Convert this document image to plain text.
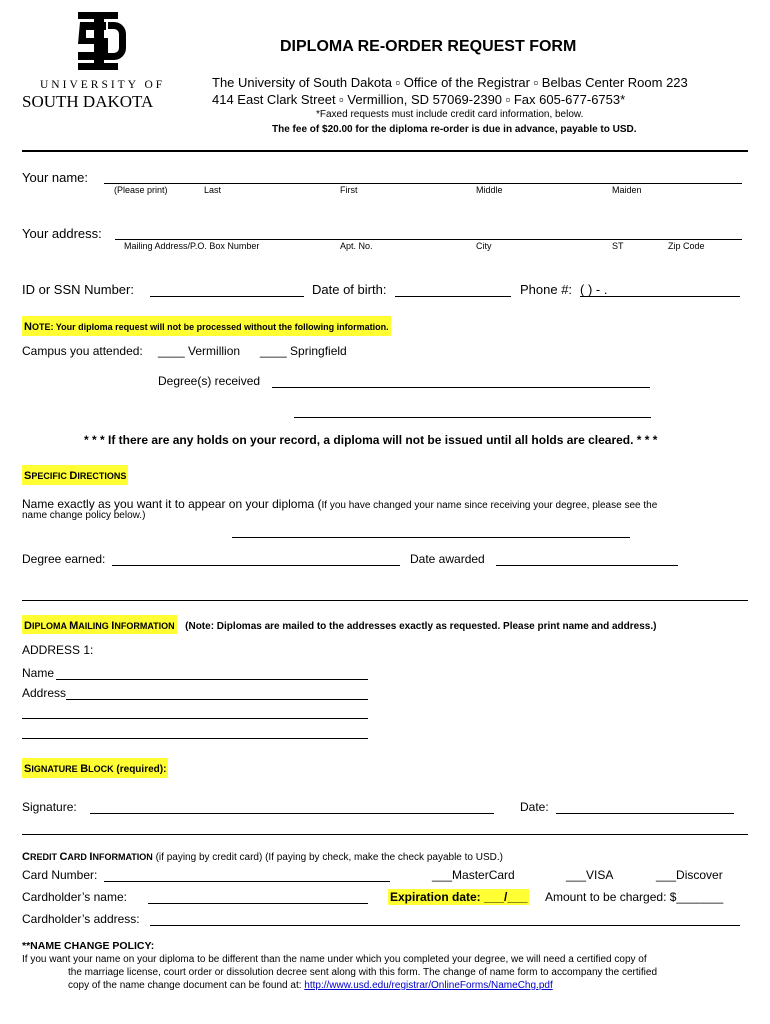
UNIVERSITY OF
SOUTH DAKOTA
DIPLOMA RE-ORDER REQUEST FORM
The University of South Dakota ▫ Office of the Registrar ▫ Belbas Center Room 223
414 East Clark Street ▫ Vermillion, SD 57069-2390 ▫ Fax 605-677-6753*
*Faxed requests must include credit card information, below.
The fee of $20.00 for the diploma re-order is due in advance, payable to USD.
Your name:
(Please print)	Last	First	Middle	Maiden
Your address:
Mailing Address/P.O. Box Number	Apt. No.	City	ST	Zip Code
ID or SSN Number:	Date of birth:	Phone #: ( ) - .
NOTE: Your diploma request will not be processed without the following information.
Campus you attended: ____ Vermillion ____ Springfield
Degree(s) received
* * * If there are any holds on your record, a diploma will not be issued until all holds are cleared. * * *
SPECIFIC DIRECTIONS
Name exactly as you want it to appear on your diploma (If you have changed your name since receiving your degree, please see the
name change policy below.)
Degree earned:	Date awarded
DIPLOMA MAILING INFORMATION (Note: Diplomas are mailed to the addresses exactly as requested. Please print name and address.)
ADDRESS 1:
Name
Address
SIGNATURE BLOCK (required):
Signature:	Date:
CREDIT CARD INFORMATION (if paying by credit card) (If paying by check, make the check payable to USD.)
Card Number:	___MasterCard	___VISA	___Discover
Cardholder’s name:	Expiration date: ___/___ Amount to be charged: $_______
Cardholder’s address:
**NAME CHANGE POLICY:
If you want your name on your diploma to be different than the name under which you completed your degree, we will need a certified copy of
the marriage license, court order or dissolution decree sent along with this form. The change of name form to accompany the certified
copy of the name change document can be found at: http://www.usd.edu/registrar/OnlineForms/NameChg.pdf
